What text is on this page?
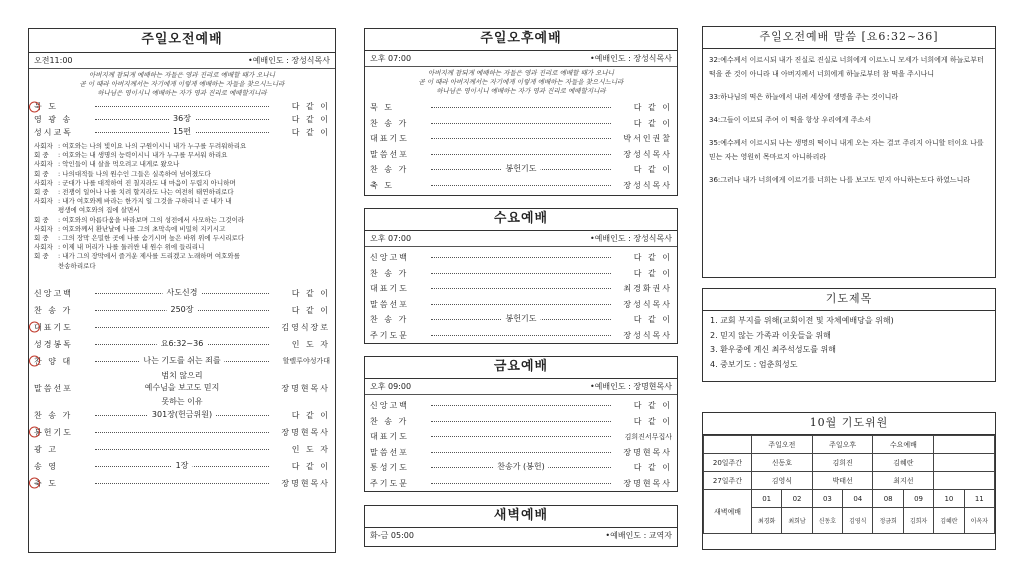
주일오전예배
오전11:00	•예배인도 : 장성식목사
아버지께 참되게 예배하는 자들은 영과 진리로 예배할 때가 오나니
곧 이 때라 아버지께서는 자기에게 이렇게 예배하는 자들을 찾으시느니라
하나님은 영이시니 예배하는 자가 영과 진리로 예배할지니라
묵 도	다 같 이
영 광 송	36장	다 같 이
성시교독	15편	다 같 이
사회자 : 여호와는 나의 빛이요 나의 구원이시니 내가 누구를 두려워하리요
회 중 : 여호와는 내 생명의 능력이시니 내가 누구를 무서워 하리요
사회자 : 악인들이 내 살을 먹으려고 내게로 왔으나
회 중 : 나의대적들 나의 원수인 그들은 실족하여 넘어졌도다
사회자 : 군대가 나를 대적하여 진 칠지라도 내 마음이 두렵지 아니하며
회 중 : 전쟁이 일어나 나를 치려 할지라도 나는 여전히 태연하리로다
사회자 : 내가 여호와께 바라는 한가지 일 그것을 구하리니 곧 내가 내
평생에 여호와의 집에 살면서
회 중 : 여호와의 아름다움을 바라보며 그의 성전에서 사모하는 그것이라
사회자 : 여호와께서 환난날에 나를 그의 초막속에 비밀히 지키시고
회 중 : 그의 장막 은밀한 곳에 나를 숨기시며 높은 바위 위에 두시리로다
사회자 : 이제 내 머리가 나를 둘러싼 내 원수 위에 들리리니
회 중 : 내가 그의 장막에서 즐거운 제사를 드리겠고 노래하며 여호와를
찬송하리로다
신앙고백	사도신경	다 같 이
찬 송 가	250장	다 같 이
대표기도	김영식장로
성경봉독	요6:32~36	인 도 자
찬 양 대	나는 기도를 쉬는 죄를	할렐루야성가대
범치 않으리
말씀선포	예수님을 보고도 믿지	장명현목사
못하는 이유
찬 송 가	301장(헌금위원)	다 같 이
봉헌기도	장명현목사
광 고	인 도 자
송 영	1장	다 같 이
축 도	장명현목사
주일오후예배
오후 07:00	•예배인도 : 장성식목사
아버지께 참되게 예배하는 자들은 영과 진리로 예배할 때가 오나니
곧 이 때라 아버지께서는 자기에게 이렇게 예배하는 자들을 찾으시느니라
하나님은 영이시니 예배하는 자가 영과 진리로 예배할지니라
묵 도	다 같 이
찬 송 가	다 같 이
대표기도	박서인권찰
말씀선포	장성식목사
찬 송 가	봉헌기도	다 같 이
축 도	장성식목사
수요예배
오후 07:00	•예배인도 : 장성식목사
신앙고백	다 같 이
찬 송 가	다 같 이
대표기도	최경화권사
말씀선포	장성식목사
찬 송 가	봉헌기도	다 같 이
주기도문	장성식목사
금요예배
오후 09:00	•예배인도 : 장명현목사
신앙고백	다 같 이
찬 송 가	다 같 이
대표기도	김희진서무집사
말씀선포	장명현목사
통성기도	찬송가 (봉헌)	다 같 이
주기도문	장명현목사
새벽예배
화-금 05:00	•예배인도 : 교역자
주일오전예배 말씀 [요6:32~36]

32:예수께서 이르시되 내가 진실로 진실로 너희에게 이르노니 모세가 너희에게 하늘로부터 떡을 준 것이 아니라 내 아버지께서 너희에게 하늘로부터 참 떡을 주시나니

33:하나님의 떡은 하늘에서 내려 세상에 생명을 주는 것이니라

34:그들이 이르되 주여 이 떡을 항상 우리에게 주소서

35:예수께서 이르시되 나는 생명의 떡이니 내게 오는 자는 결코 주리지 아니할 터이요 나를 믿는 자는 영원히 목마르지 아니하리라

36:그러나 내가 너희에게 이르기를 너희는 나를 보고도 믿지 아니하는도다 하였느니라

기도제목
1. 교회 부지를 위해(교회이전 및 자체예배당을 위해)
2. 믿지 않는 가족과 이웃들을 위해
3. 환우중에 계신 최주석성도를 위해
4. 중보기도 : 엄춘희성도
10월 기도위원
	주일오전		주일오후		수요예배			
20일주간	신동호		김희진		김혜란			
27일주간	김영식		박태선		최지선			
새벽예배	01	02	03	04	08	09	10	11
	최경화	최희남	신동호	김영식	정금희	김희자	김혜란	이옥자
